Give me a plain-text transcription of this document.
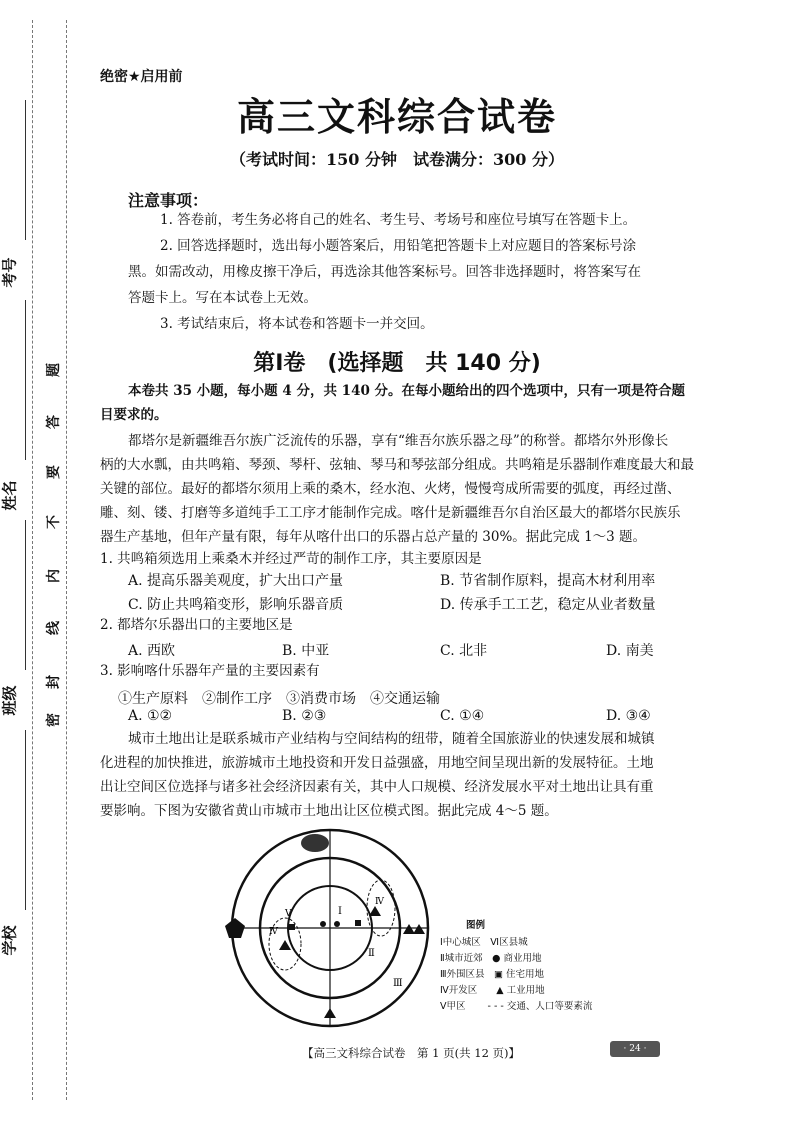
考号
姓名
班级
学校
密
封
线
内
不
要
答
题
绝密★启用前
高三文科综合试卷
（考试时间：150 分钟　试卷满分：300 分）
注意事项：
1. 答卷前，考生务必将自己的姓名、考生号、考场号和座位号填写在答题卡上。
2. 回答选择题时，选出每小题答案后，用铅笔把答题卡上对应题目的答案标号涂
黑。如需改动，用橡皮擦干净后，再选涂其他答案标号。回答非选择题时，将答案写在
答题卡上。写在本试卷上无效。
3. 考试结束后，将本试卷和答题卡一并交回。
第Ⅰ卷　(选择题　共 140 分)
本卷共 35 小题，每小题 4 分，共 140 分。在每小题给出的四个选项中，只有一项是符合题
目要求的。
都塔尔是新疆维吾尔族广泛流传的乐器，享有“维吾尔族乐器之母”的称誉。都塔尔外形像长
柄的大水瓢，由共鸣箱、琴颈、琴杆、弦轴、琴马和琴弦部分组成。共鸣箱是乐器制作难度最大和最
关键的部位。最好的都塔尔须用上乘的桑木，经水泡、火烤，慢慢弯成所需要的弧度，再经过凿、
雕、刻、镂、打磨等多道纯手工工序才能制作完成。喀什是新疆维吾尔自治区最大的都塔尔民族乐
器生产基地，但年产量有限，每年从喀什出口的乐器占总产量的 30%。据此完成 1～3 题。
1. 共鸣箱须选用上乘桑木并经过严苛的制作工序，其主要原因是
A. 提高乐器美观度，扩大出口产量	B. 节省制作原料，提高木材利用率
C. 防止共鸣箱变形，影响乐器音质	D. 传承手工工艺，稳定从业者数量
2. 都塔尔乐器出口的主要地区是
A. 西欧	B. 中亚	C. 北非	D. 南美
3. 影响喀什乐器年产量的主要因素有
①生产原料　②制作工序　③消费市场　④交通运输
A. ①②	B. ②③	C. ①④	D. ③④
城市土地出让是联系城市产业结构与空间结构的纽带，随着全国旅游业的快速发展和城镇
化进程的加快推进，旅游城市土地投资和开发日益强盛，用地空间呈现出新的发展特征。土地
出让空间区位选择与诸多社会经济因素有关，其中人口规模、经济发展水平对土地出让具有重
要影响。下图为安徽省黄山市城市土地出让区位模式图。据此完成 4～5 题。
Ⅰ
Ⅱ
Ⅲ
Ⅳ
Ⅳ
Ⅴ
图例
Ⅰ中心城区　Ⅵ区县城
Ⅱ城市近郊　● 商业用地
Ⅲ外围区县　▣ 住宅用地
Ⅳ开发区　　▲ 工业用地
Ⅴ甲区　　 - - - 交通、人口等要素流
【高三文科综合试卷　第 1 页(共 12 页)】	· 24 ·
